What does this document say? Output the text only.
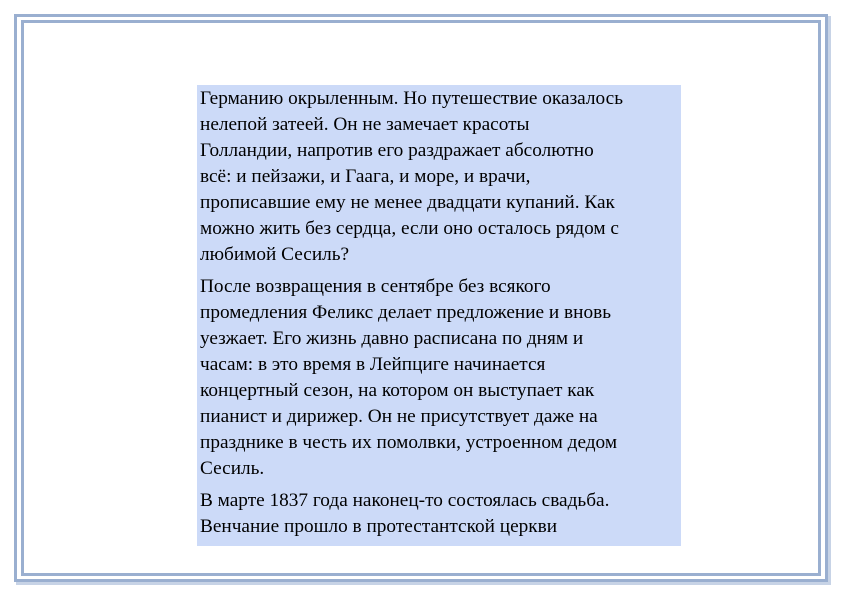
Германию окрыленным. Но путешествие оказалось
нелепой затеей. Он не замечает красоты
Голландии, напротив его раздражает абсолютно
всё: и пейзажи, и Гаага, и море, и врачи,
прописавшие ему не менее двадцати купаний. Как
можно жить без сердца, если оно осталось рядом с
любимой Сесиль?

После возвращения в сентябре без всякого
промедления Феликс делает предложение и вновь
уезжает. Его жизнь давно расписана по дням и
часам: в это время в Лейпциге начинается
концертный сезон, на котором он выступает как
пианист и дирижер. Он не присутствует даже на
празднике в честь их помолвки, устроенном дедом
Сесиль.

В марте 1837 года наконец-то состоялась свадьба.
Венчание прошло в протестантской церкви
